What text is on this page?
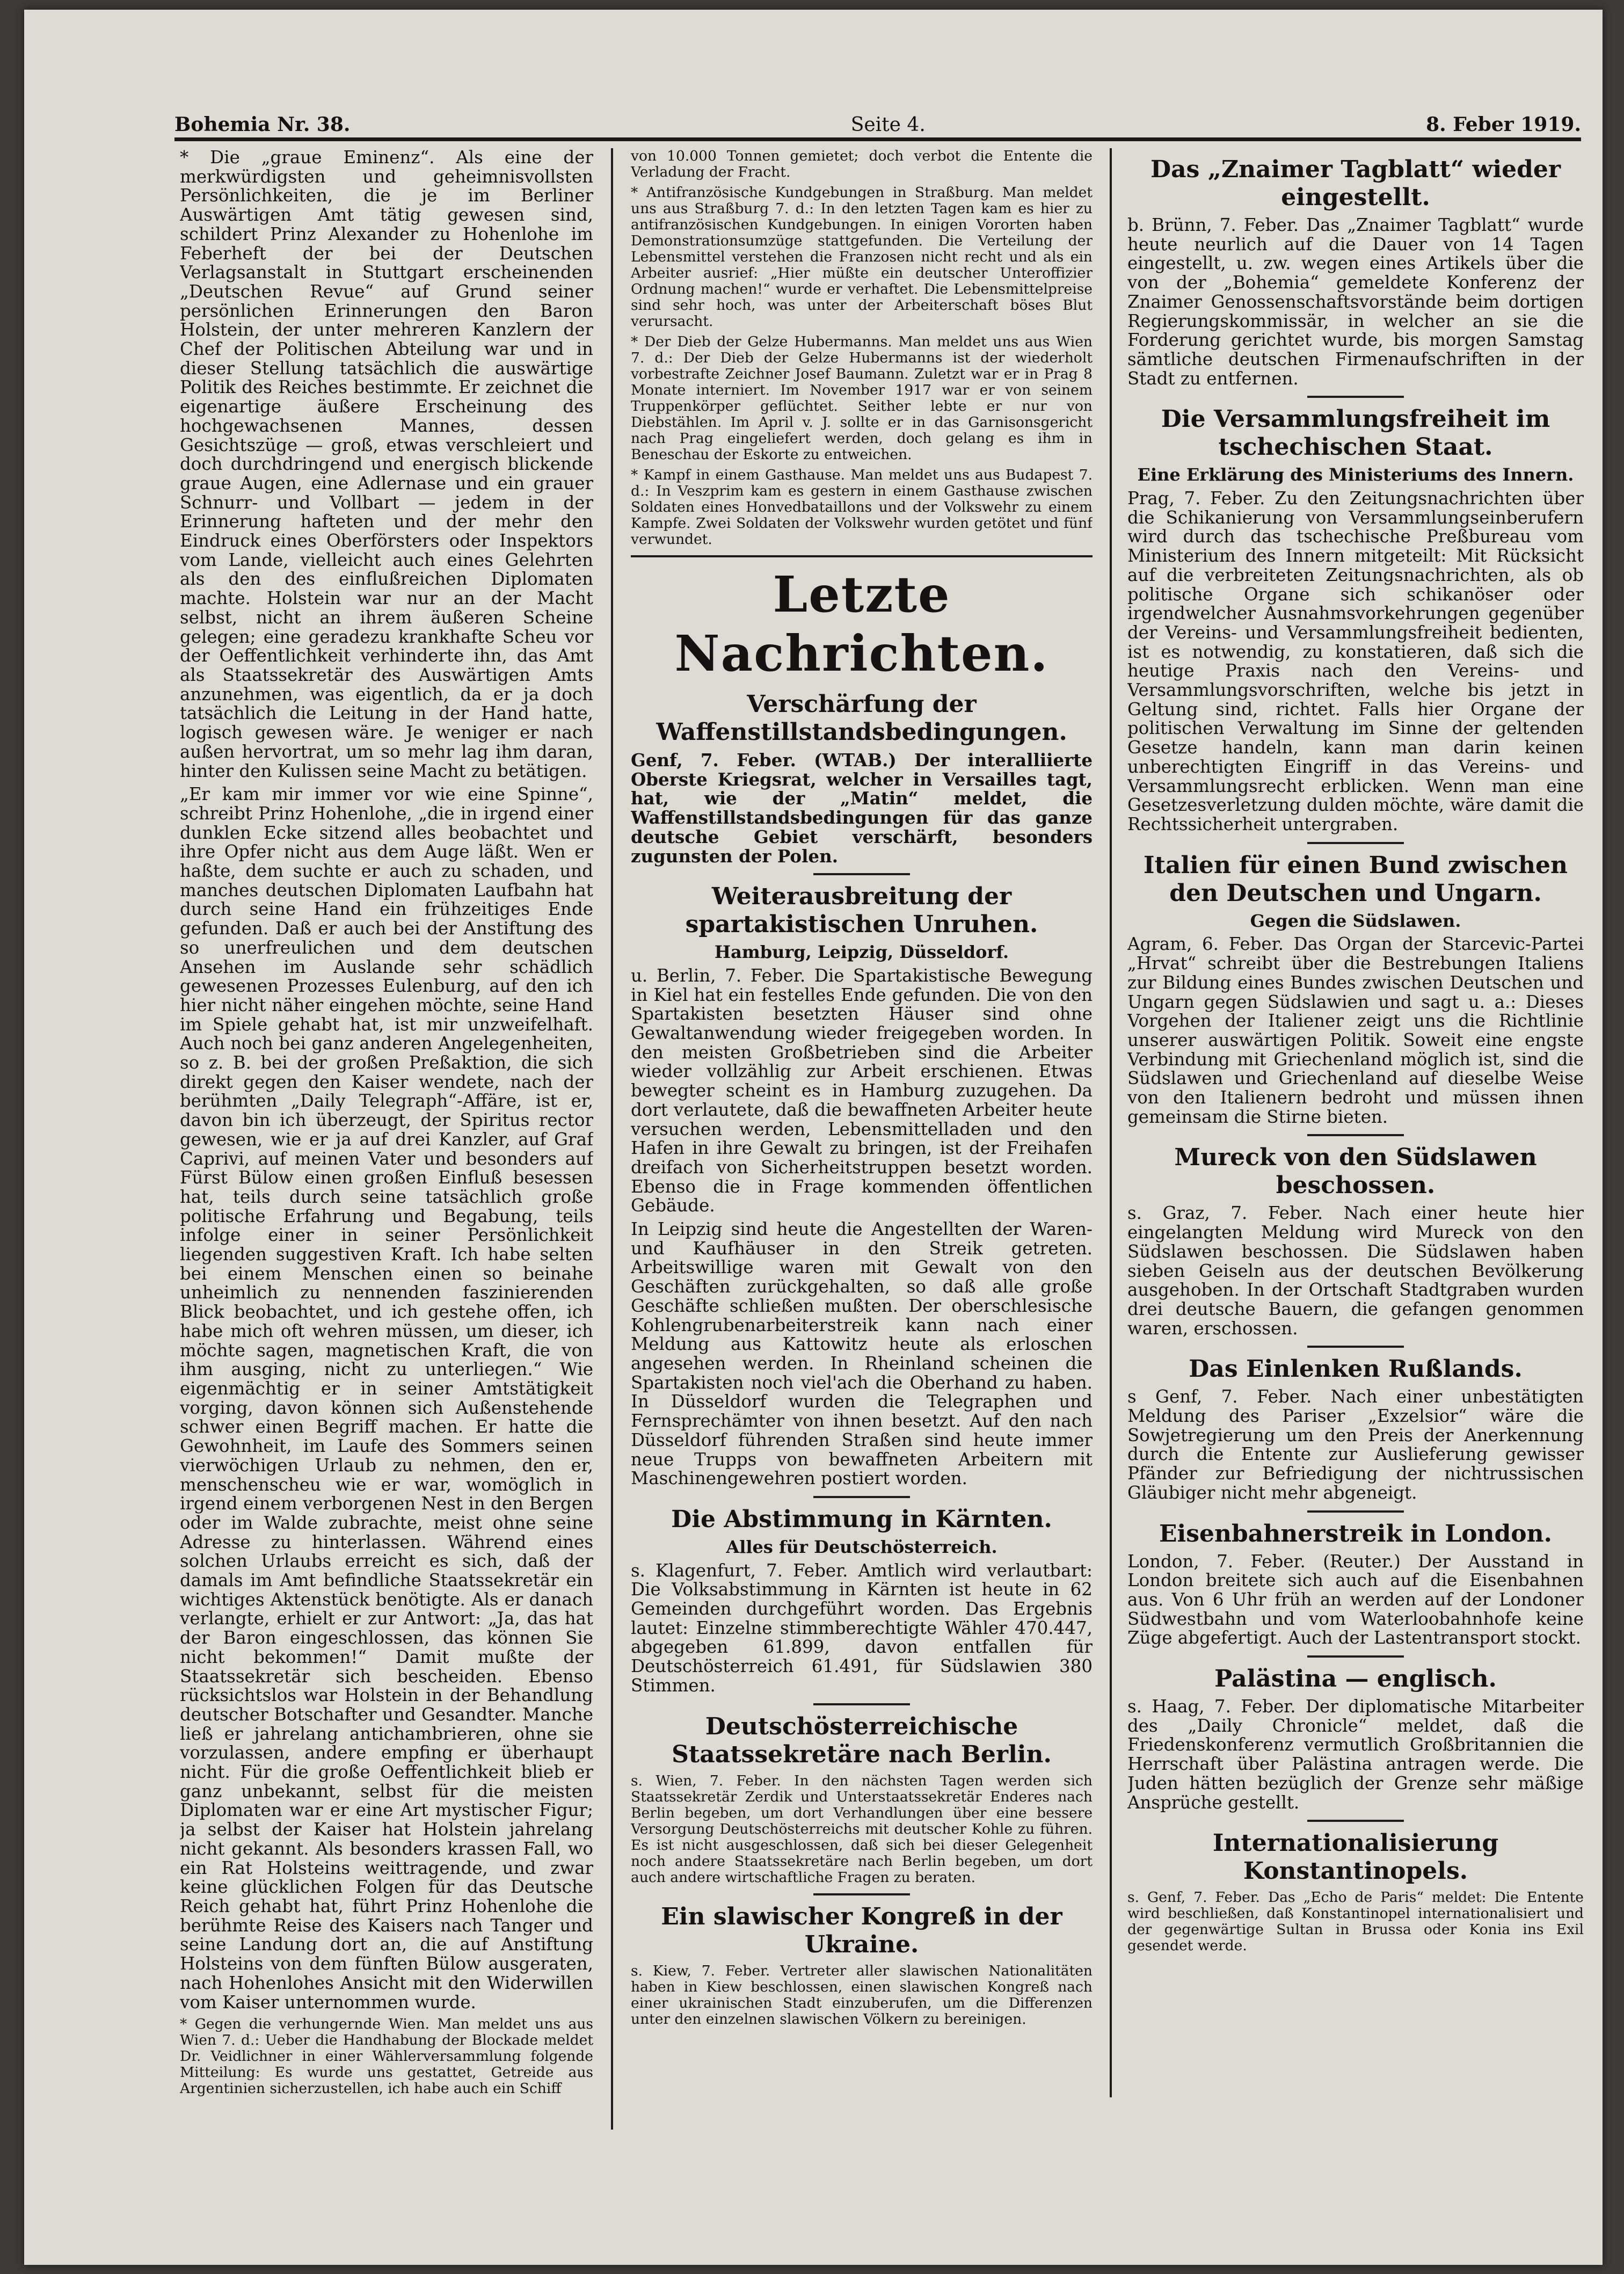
Bohemia Nr. 38.	Seite 4.	8. Feber 1919.

* Die „graue Eminenz“. Als eine der merkwürdigsten und geheimnisvollsten Persönlichkeiten, die je im Berliner Auswärtigen Amt tätig gewesen sind, schildert Prinz Alexander zu Hohenlohe im Feberheft der bei der Deutschen Verlagsanstalt in Stuttgart erscheinenden „Deutschen Revue“ auf Grund seiner persönlichen Erinnerungen den Baron Holstein, der unter mehreren Kanzlern der Chef der Politischen Abteilung war und in dieser Stellung tatsächlich die auswärtige Politik des Reiches bestimmte. Er zeichnet die eigenartige äußere Erscheinung des hochgewachsenen Mannes, dessen Gesichtszüge — groß, etwas verschleiert und doch durchdringend und energisch blickende graue Augen, eine Adlernase und ein grauer Schnurr- und Vollbart — jedem in der Erinnerung hafteten und der mehr den Eindruck eines Oberförsters oder Inspektors vom Lande, vielleicht auch eines Gelehrten als den des einflußreichen Diplomaten machte. Holstein war nur an der Macht selbst, nicht an ihrem äußeren Scheine gelegen; eine geradezu krankhafte Scheu vor der Oeffentlichkeit verhinderte ihn, das Amt als Staatssekretär des Auswärtigen Amts anzunehmen, was eigentlich, da er ja doch tatsächlich die Leitung in der Hand hatte, logisch gewesen wäre. Je weniger er nach außen hervortrat, um so mehr lag ihm daran, hinter den Kulissen seine Macht zu betätigen.

„Er kam mir immer vor wie eine Spinne“, schreibt Prinz Hohenlohe, „die in irgend einer dunklen Ecke sitzend alles beobachtet und ihre Opfer nicht aus dem Auge läßt. Wen er haßte, dem suchte er auch zu schaden, und manches deutschen Diplomaten Laufbahn hat durch seine Hand ein frühzeitiges Ende gefunden. Daß er auch bei der Anstiftung des so unerfreulichen und dem deutschen Ansehen im Auslande sehr schädlich gewesenen Prozesses Eulenburg, auf den ich hier nicht näher eingehen möchte, seine Hand im Spiele gehabt hat, ist mir unzweifelhaft. Auch noch bei ganz anderen Angelegenheiten, so z. B. bei der großen Preßaktion, die sich direkt gegen den Kaiser wendete, nach der berühmten „Daily Telegraph“-Affäre, ist er, davon bin ich überzeugt, der Spiritus rector gewesen, wie er ja auf drei Kanzler, auf Graf Caprivi, auf meinen Vater und besonders auf Fürst Bülow einen großen Einfluß besessen hat, teils durch seine tatsächlich große politische Erfahrung und Begabung, teils infolge einer in seiner Persönlichkeit liegenden suggestiven Kraft. Ich habe selten bei einem Menschen einen so beinahe unheimlich zu nennenden faszinierenden Blick beobachtet, und ich gestehe offen, ich habe mich oft wehren müssen, um dieser, ich möchte sagen, magnetischen Kraft, die von ihm ausging, nicht zu unterliegen.“ Wie eigenmächtig er in seiner Amtstätigkeit vorging, davon können sich Außenstehende schwer einen Begriff machen. Er hatte die Gewohnheit, im Laufe des Sommers seinen vierwöchigen Urlaub zu nehmen, den er, menschenscheu wie er war, womöglich in irgend einem verborgenen Nest in den Bergen oder im Walde zubrachte, meist ohne seine Adresse zu hinterlassen. Während eines solchen Urlaubs erreicht es sich, daß der damals im Amt befindliche Staatssekretär ein wichtiges Aktenstück benötigte. Als er danach verlangte, erhielt er zur Antwort: „Ja, das hat der Baron eingeschlossen, das können Sie nicht bekommen!“ Damit mußte der Staatssekretär sich bescheiden. Ebenso rücksichtslos war Holstein in der Behandlung deutscher Botschafter und Gesandter. Manche ließ er jahrelang antichambrieren, ohne sie vorzulassen, andere empfing er überhaupt nicht. Für die große Oeffentlichkeit blieb er ganz unbekannt, selbst für die meisten Diplomaten war er eine Art mystischer Figur; ja selbst der Kaiser hat Holstein jahrelang nicht gekannt. Als besonders krassen Fall, wo ein Rat Holsteins weittragende, und zwar keine glücklichen Folgen für das Deutsche Reich gehabt hat, führt Prinz Hohenlohe die berühmte Reise des Kaisers nach Tanger und seine Landung dort an, die auf Anstiftung Holsteins von dem fünften Bülow ausgeraten, nach Hohenlohes Ansicht mit den Widerwillen vom Kaiser unternommen wurde.

* Gegen die verhungernde Wien. Man meldet uns aus Wien 7. d.: Ueber die Handhabung der Blockade meldet Dr. Veidlichner in einer Wählerversammlung folgende Mitteilung: Es wurde uns gestattet, Getreide aus Argentinien sicherzustellen, ich habe auch ein Schiff

von 10.000 Tonnen gemietet; doch verbot die Entente die Verladung der Fracht.

* Antifranzösische Kundgebungen in Straßburg. Man meldet uns aus Straßburg 7. d.: In den letzten Tagen kam es hier zu antifranzösischen Kundgebungen. In einigen Vororten haben Demonstrationsumzüge stattgefunden. Die Verteilung der Lebensmittel verstehen die Franzosen nicht recht und als ein Arbeiter ausrief: „Hier müßte ein deutscher Unteroffizier Ordnung machen!“ wurde er verhaftet. Die Lebensmittelpreise sind sehr hoch, was unter der Arbeiterschaft böses Blut verursacht.

* Der Dieb der Gelze Hubermanns. Man meldet uns aus Wien 7. d.: Der Dieb der Gelze Hubermanns ist der wiederholt vorbestrafte Zeichner Josef Baumann. Zuletzt war er in Prag 8 Monate interniert. Im November 1917 war er von seinem Truppenkörper geflüchtet. Seither lebte er nur von Diebstählen. Im April v. J. sollte er in das Garnisonsgericht nach Prag eingeliefert werden, doch gelang es ihm in Beneschau der Eskorte zu entweichen.

* Kampf in einem Gasthause. Man meldet uns aus Budapest 7. d.: In Veszprim kam es gestern in einem Gasthause zwischen Soldaten eines Honvedbataillons und der Volkswehr zu einem Kampfe. Zwei Soldaten der Volkswehr wurden getötet und fünf verwundet.

Letzte Nachrichten.
Verschärfung der Waffenstillstandsbedingungen.

Genf, 7. Feber. (WTAB.) Der interalliierte Oberste Kriegsrat, welcher in Versailles tagt, hat, wie der „Matin“ meldet, die Waffenstillstandsbedingungen für das ganze deutsche Gebiet verschärft, besonders zugunsten der Polen.

Weiterausbreitung der spartakistischen Unruhen.

Hamburg, Leipzig, Düsseldorf.

u. Berlin, 7. Feber. Die Spartakistische Bewegung in Kiel hat ein festelles Ende gefunden. Die von den Spartakisten besetzten Häuser sind ohne Gewaltanwendung wieder freigegeben worden. In den meisten Großbetrieben sind die Arbeiter wieder vollzählig zur Arbeit erschienen. Etwas bewegter scheint es in Hamburg zuzugehen. Da dort verlautete, daß die bewaffneten Arbeiter heute versuchen werden, Lebensmittelladen und den Hafen in ihre Gewalt zu bringen, ist der Freihafen dreifach von Sicherheitstruppen besetzt worden. Ebenso die in Frage kommenden öffentlichen Gebäude.

In Leipzig sind heute die Angestellten der Waren- und Kaufhäuser in den Streik getreten. Arbeitswillige waren mit Gewalt von den Geschäften zurückgehalten, so daß alle große Geschäfte schließen mußten. Der oberschlesische Kohlengrubenarbeiterstreik kann nach einer Meldung aus Kattowitz heute als erloschen angesehen werden. In Rheinland scheinen die Spartakisten noch viel'ach die Oberhand zu haben. In Düsseldorf wurden die Telegraphen und Fernsprechämter von ihnen besetzt. Auf den nach Düsseldorf führenden Straßen sind heute immer neue Trupps von bewaffneten Arbeitern mit Maschinengewehren postiert worden.

Die Abstimmung in Kärnten.

Alles für Deutschösterreich.

s. Klagenfurt, 7. Feber. Amtlich wird verlautbart: Die Volksabstimmung in Kärnten ist heute in 62 Gemeinden durchgeführt worden. Das Ergebnis lautet: Einzelne stimmberechtigte Wähler 470.447, abgegeben 61.899, davon entfallen für Deutschösterreich 61.491, für Südslawien 380 Stimmen.

Deutschösterreichische Staatssekretäre nach Berlin.

s. Wien, 7. Feber. In den nächsten Tagen werden sich Staatssekretär Zerdik und Unterstaatssekretär Enderes nach Berlin begeben, um dort Verhandlungen über eine bessere Versorgung Deutschösterreichs mit deutscher Kohle zu führen. Es ist nicht ausgeschlossen, daß sich bei dieser Gelegenheit noch andere Staatssekretäre nach Berlin begeben, um dort auch andere wirtschaftliche Fragen zu beraten.

Ein slawischer Kongreß in der Ukraine.

s. Kiew, 7. Feber. Vertreter aller slawischen Nationalitäten haben in Kiew beschlossen, einen slawischen Kongreß nach einer ukrainischen Stadt einzuberufen, um die Differenzen unter den einzelnen slawischen Völkern zu bereinigen.

Das „Znaimer Tagblatt“ wieder eingestellt.

b. Brünn, 7. Feber. Das „Znaimer Tagblatt“ wurde heute neurlich auf die Dauer von 14 Tagen eingestellt, u. zw. wegen eines Artikels über die von der „Bohemia“ gemeldete Konferenz der Znaimer Genossenschaftsvorstände beim dortigen Regierungskommissär, in welcher an sie die Forderung gerichtet wurde, bis morgen Samstag sämtliche deutschen Firmenaufschriften in der Stadt zu entfernen.

Die Versammlungsfreiheit im tschechischen Staat.

Eine Erklärung des Ministeriums des Innern.

Prag, 7. Feber. Zu den Zeitungsnachrichten über die Schikanierung von Versammlungseinberufern wird durch das tschechische Preßbureau vom Ministerium des Innern mitgeteilt: Mit Rücksicht auf die verbreiteten Zeitungsnachrichten, als ob politische Organe sich schikanöser oder irgendwelcher Ausnahmsvorkehrungen gegenüber der Vereins- und Versammlungsfreiheit bedienten, ist es notwendig, zu konstatieren, daß sich die heutige Praxis nach den Vereins- und Versammlungsvorschriften, welche bis jetzt in Geltung sind, richtet. Falls hier Organe der politischen Verwaltung im Sinne der geltenden Gesetze handeln, kann man darin keinen unberechtigten Eingriff in das Vereins- und Versammlungsrecht erblicken. Wenn man eine Gesetzesverletzung dulden möchte, wäre damit die Rechtssicherheit untergraben.

Italien für einen Bund zwischen den Deutschen und Ungarn.

Gegen die Südslawen.

Agram, 6. Feber. Das Organ der Starcevic-Partei „Hrvat“ schreibt über die Bestrebungen Italiens zur Bildung eines Bundes zwischen Deutschen und Ungarn gegen Südslawien und sagt u. a.: Dieses Vorgehen der Italiener zeigt uns die Richtlinie unserer auswärtigen Politik. Soweit eine engste Verbindung mit Griechenland möglich ist, sind die Südslawen und Griechenland auf dieselbe Weise von den Italienern bedroht und müssen ihnen gemeinsam die Stirne bieten.

Mureck von den Südslawen beschossen.

s. Graz, 7. Feber. Nach einer heute hier eingelangten Meldung wird Mureck von den Südslawen beschossen. Die Südslawen haben sieben Geiseln aus der deutschen Bevölkerung ausgehoben. In der Ortschaft Stadtgraben wurden drei deutsche Bauern, die gefangen genommen waren, erschossen.

Das Einlenken Rußlands.

s Genf, 7. Feber. Nach einer unbestätigten Meldung des Pariser „Exzelsior“ wäre die Sowjetregierung um den Preis der Anerkennung durch die Entente zur Auslieferung gewisser Pfänder zur Befriedigung der nichtrussischen Gläubiger nicht mehr abgeneigt.

Eisenbahnerstreik in London.

London, 7. Feber. (Reuter.) Der Ausstand in London breitete sich auch auf die Eisenbahnen aus. Von 6 Uhr früh an werden auf der Londoner Südwestbahn und vom Waterloobahnhofe keine Züge abgefertigt. Auch der Lastentransport stockt.

Palästina — englisch.

s. Haag, 7. Feber. Der diplomatische Mitarbeiter des „Daily Chronicle“ meldet, daß die Friedenskonferenz vermutlich Großbritannien die Herrschaft über Palästina antragen werde. Die Juden hätten bezüglich der Grenze sehr mäßige Ansprüche gestellt.

Internationalisierung Konstantinopels.

s. Genf, 7. Feber. Das „Echo de Paris“ meldet: Die Entente wird beschließen, daß Konstantinopel internationalisiert und der gegenwärtige Sultan in Brussa oder Konia ins Exil gesendet werde.
